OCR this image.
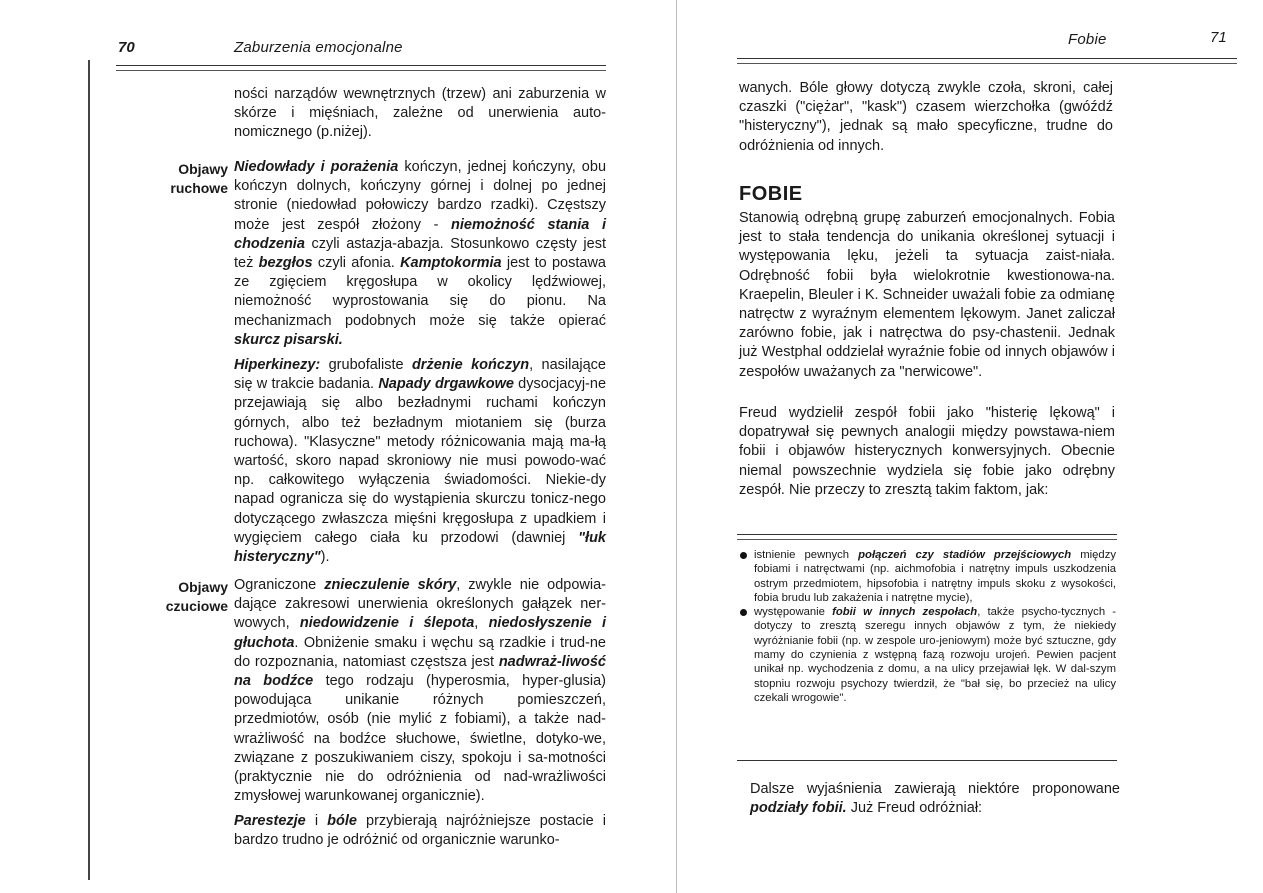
70	Zaburzenia emocjonalne

ności narządów wewnętrznych (trzew) ani zaburzenia w skórze i mięśniach, zależne od unerwienia auto-nomicznego (p.niżej).

Objawy
ruchowe

Niedowłady i porażenia kończyn, jednej kończyny, obu kończyn dolnych, kończyny górnej i dolnej po jednej stronie (niedowład połowiczy bardzo rzadki). Częstszy może jest zespół złożony - niemożność stania i chodzenia czyli astazja-abazja. Stosunkowo częsty jest też bezgłos czyli afonia. Kamptokormia jest to postawa ze zgięciem kręgosłupa w okolicy lędźwiowej, niemożność wyprostowania się do pionu. Na mechanizmach podobnych może się także opierać skurcz pisarski.

Hiperkinezy: grubofaliste drżenie kończyn, nasilające się w trakcie badania. Napady drgawkowe dysocjacyj-ne przejawiają się albo bezładnymi ruchami kończyn górnych, albo też bezładnym miotaniem się (burza ruchowa). "Klasyczne" metody różnicowania mają ma-łą wartość, skoro napad skroniowy nie musi powodo-wać np. całkowitego wyłączenia świadomości. Niekie-dy napad ogranicza się do wystąpienia skurczu tonicz-nego dotyczącego zwłaszcza mięśni kręgosłupa z upadkiem i wygięciem całego ciała ku przodowi (dawniej "łuk histeryczny").

Objawy
czuciowe

Ograniczone znieczulenie skóry, zwykle nie odpowia-dające zakresowi unerwienia określonych gałązek ner-wowych, niedowidzenie i ślepota, niedosłyszenie i głuchota. Obniżenie smaku i węchu są rzadkie i trud-ne do rozpoznania, natomiast częstsza jest nadwraż-liwość na bodźce tego rodzaju (hyperosmia, hyper-glusia) powodująca unikanie różnych pomieszczeń, przedmiotów, osób (nie mylić z fobiami), a także nad-wrażliwość na bodźce słuchowe, świetlne, dotyko-we, związane z poszukiwaniem ciszy, spokoju i sa-motności (praktycznie nie do odróżnienia od nad-wrażliwości zmysłowej warunkowanej organicznie).

Parestezje i bóle przybierają najróżniejsze postacie i bardzo trudno je odróżnić od organicznie warunko-

Fobie	71

wanych. Bóle głowy dotyczą zwykle czoła, skroni, całej czaszki ("ciężar", "kask") czasem wierzchołka (gwóźdź "histeryczny"), jednak są mało specyficzne, trudne do odróżnienia od innych.

FOBIE

Stanowią odrębną grupę zaburzeń emocjonalnych. Fobia jest to stała tendencja do unikania określonej sytuacji i występowania lęku, jeżeli ta sytuacja zaist-niała. Odrębność fobii była wielokrotnie kwestionowa-na. Kraepelin, Bleuler i K. Schneider uważali fobie za odmianę natręctw z wyraźnym elementem lękowym. Janet zaliczał zarówno fobie, jak i natręctwa do psy-chastenii. Jednak już Westphal oddzielał wyraźnie fobie od innych objawów i zespołów uważanych za "nerwicowe".

Freud wydzielił zespół fobii jako "histerię lękową" i dopatrywał się pewnych analogii między powstawa-niem fobii i objawów histerycznych konwersyjnych. Obecnie niemal powszechnie wydziela się fobie jako odrębny zespół. Nie przeczy to zresztą takim faktom, jak:

istnienie pewnych połączeń czy stadiów przejściowych między fobiami i natręctwami (np. aichmofobia i natrętny impuls uszkodzenia ostrym przedmiotem, hipsofobia i natrętny impuls skoku z wysokości, fobia brudu lub zakażenia i natrętne mycie),
występowanie fobii w innych zespołach, także psycho-tycznych - dotyczy to zresztą szeregu innych objawów z tym, że niekiedy wyróżnianie fobii (np. w zespole uro-jeniowym) może być sztuczne, gdy mamy do czynienia z wstępną fazą rozwoju urojeń. Pewien pacjent unikał np. wychodzenia z domu, a na ulicy przejawiał lęk. W dal-szym stopniu rozwoju psychozy twierdził, że "bał się, bo przecież na ulicy czekali wrogowie".

Dalsze wyjaśnienia zawierają niektóre proponowane podziały fobii. Już Freud odróżniał:
